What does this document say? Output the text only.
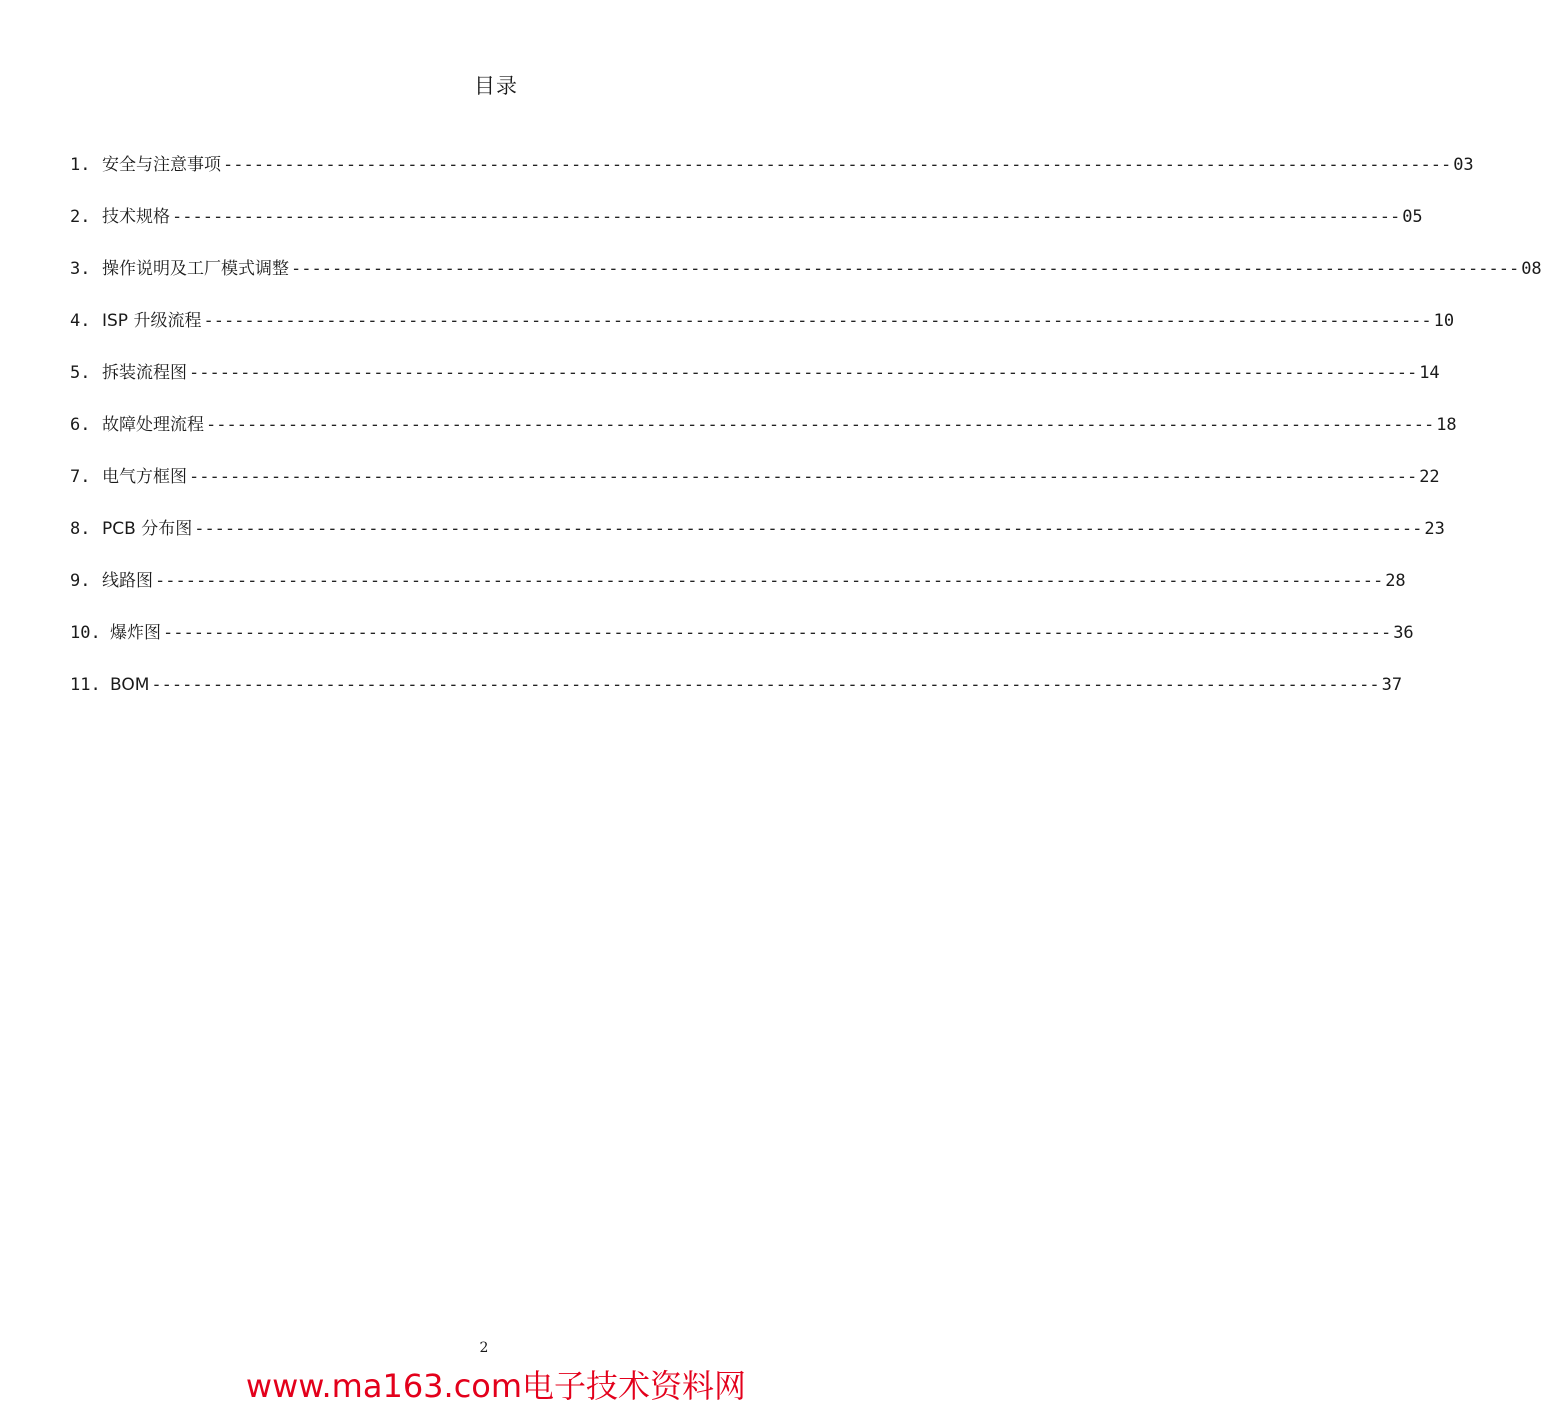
目录
1. 安全与注意事项 ------------------------------------------------------------------------------------------------------------------------ 03
2. 技术规格 ------------------------------------------------------------------------------------------------------------------------ 05
3. 操作说明及工厂模式调整 ------------------------------------------------------------------------------------------------------------------------ 08
4. ISP 升级流程 ------------------------------------------------------------------------------------------------------------------------ 10
5. 拆装流程图 ------------------------------------------------------------------------------------------------------------------------ 14
6. 故障处理流程 ------------------------------------------------------------------------------------------------------------------------ 18
7. 电气方框图 ------------------------------------------------------------------------------------------------------------------------ 22
8. PCB 分布图 ------------------------------------------------------------------------------------------------------------------------ 23
9. 线路图 ------------------------------------------------------------------------------------------------------------------------ 28
10. 爆炸图 ------------------------------------------------------------------------------------------------------------------------ 36
11. BOM ------------------------------------------------------------------------------------------------------------------------ 37
2
www.ma163.com电子技术资料网
